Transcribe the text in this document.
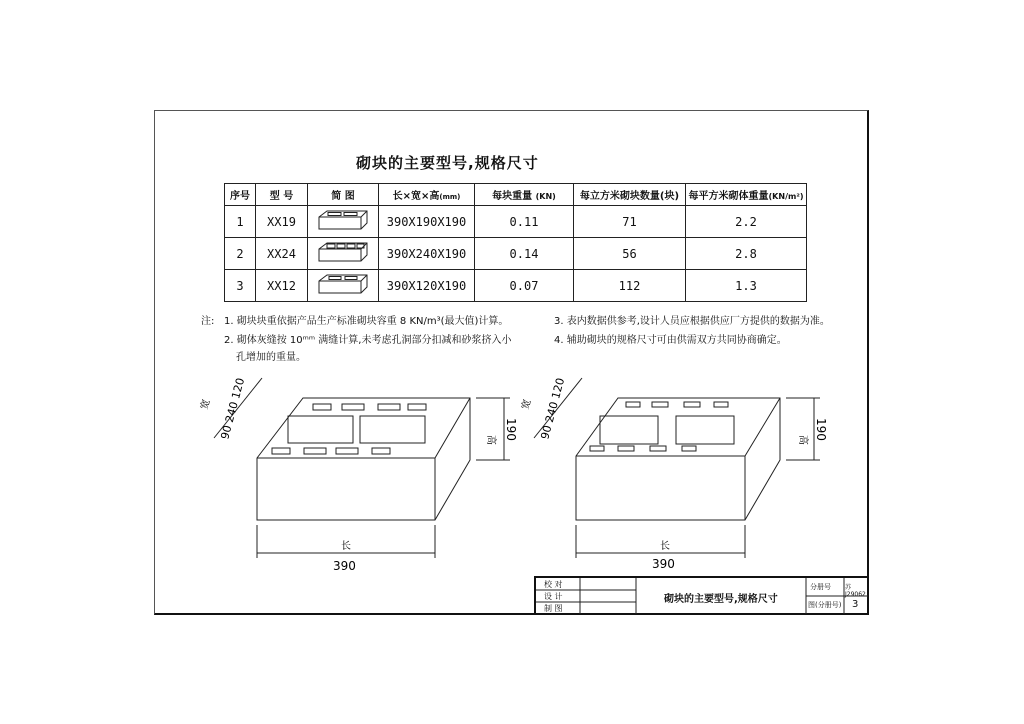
砌块的主要型号,规格尺寸
序号	型 号	简 图	长×宽×高(mm)	每块重量 (KN)	每立方米砌块数量(块)	每平方米砌体重量(KN/m²)
1	XX19		390X190X190	0.11	71	2.2
2	XX24		390X240X190	0.14	56	2.8
3	XX12		390X120X190	0.07	112	1.3
注: 1. 砌块块重依据产品生产标准砌块容重 8 KN/m³(最大值)计算。
2. 砌体灰缝按 10ᵐᵐ 满缝计算,未考虑孔洞部分扣减和砂浆挤入小
孔增加的重量。
3. 表内数据供参考,设计人员应根据供应厂方提供的数据为准。
4. 辅助砌块的规格尺寸可由供需双方共同协商确定。
宽 90 240 120	高 190
长
390
宽 90 240 120	高 190
长
390
校 对
设 计
制 图
砌块的主要型号,规格尺寸
分册号 苏J29062
图(分册号) 3
